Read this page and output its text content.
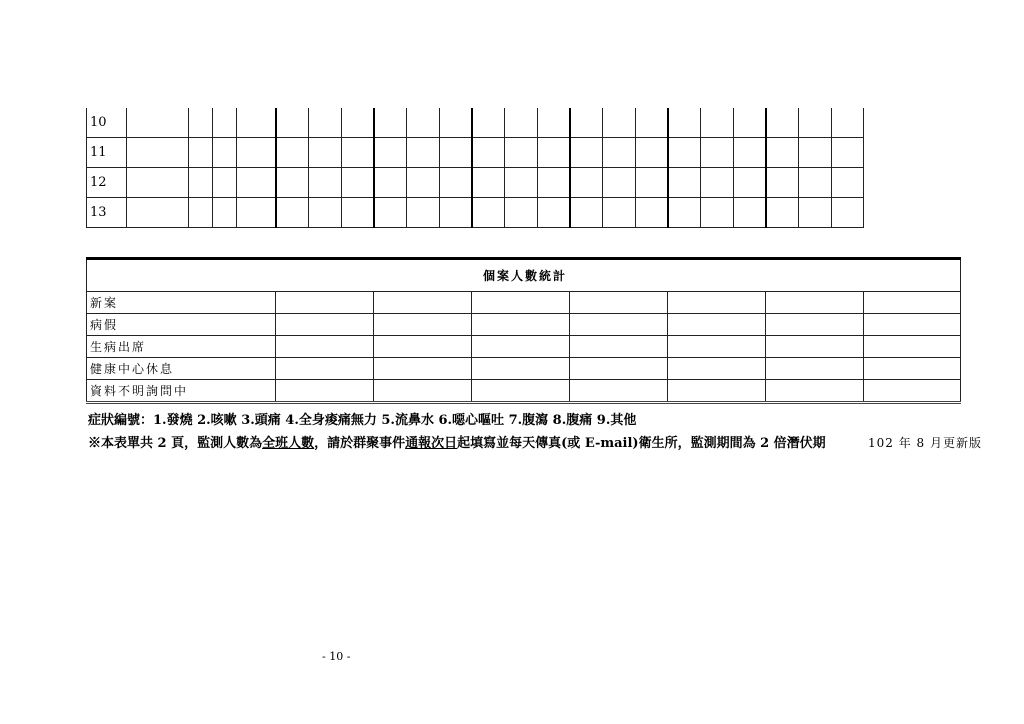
10																						
11																						
12																						
13																						
個案人數統計							
新案							
病假							
生病出席							
健康中心休息							
資料不明詢問中							
症狀編號：1.發燒 2.咳嗽 3.頭痛 4.全身痠痛無力 5.流鼻水 6.噁心嘔吐 7.腹瀉 8.腹痛 9.其他
※本表單共 2 頁，監測人數為全班人數，請於群聚事件通報次日起填寫並每天傳真(或 E-mail)衛生所，監測期間為 2 倍潛伏期	102 年 8 月更新版
- 10 -
